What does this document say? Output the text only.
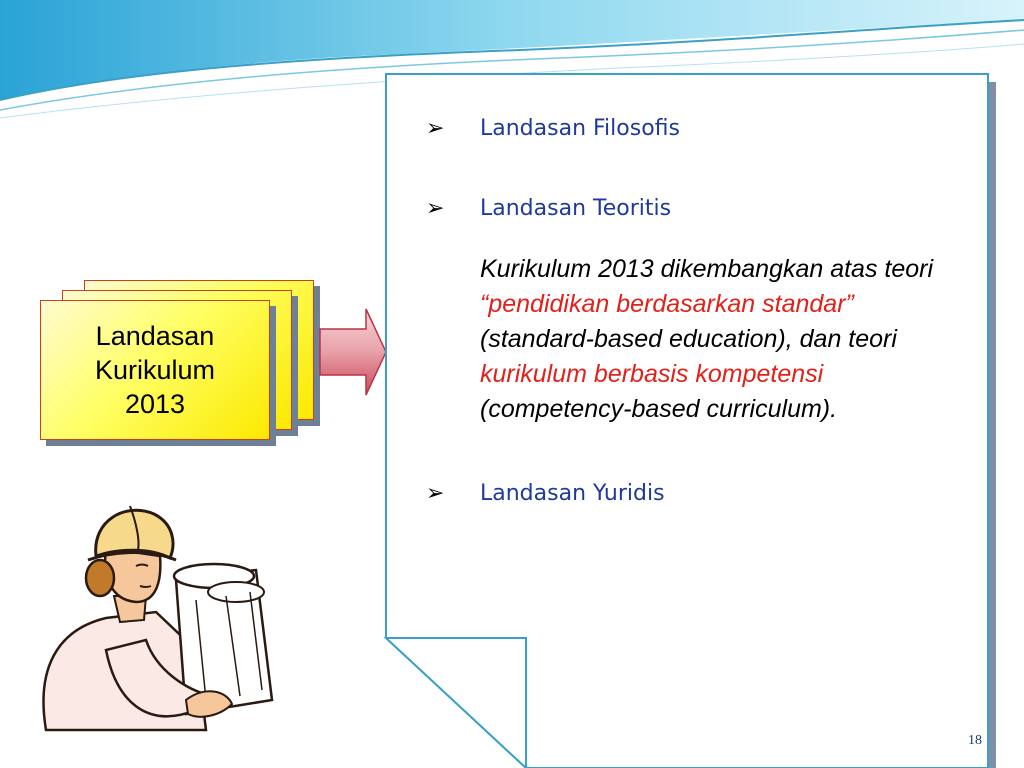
Landasan
Kurikulum
2013
➢	Landasan Filosofis
➢	Landasan Teoritis
Kurikulum 2013 dikembangkan atas teori “pendidikan berdasarkan standar” (standard-based education), dan teori kurikulum berbasis kompetensi (competency-based curriculum).
➢	Landasan Yuridis
18
